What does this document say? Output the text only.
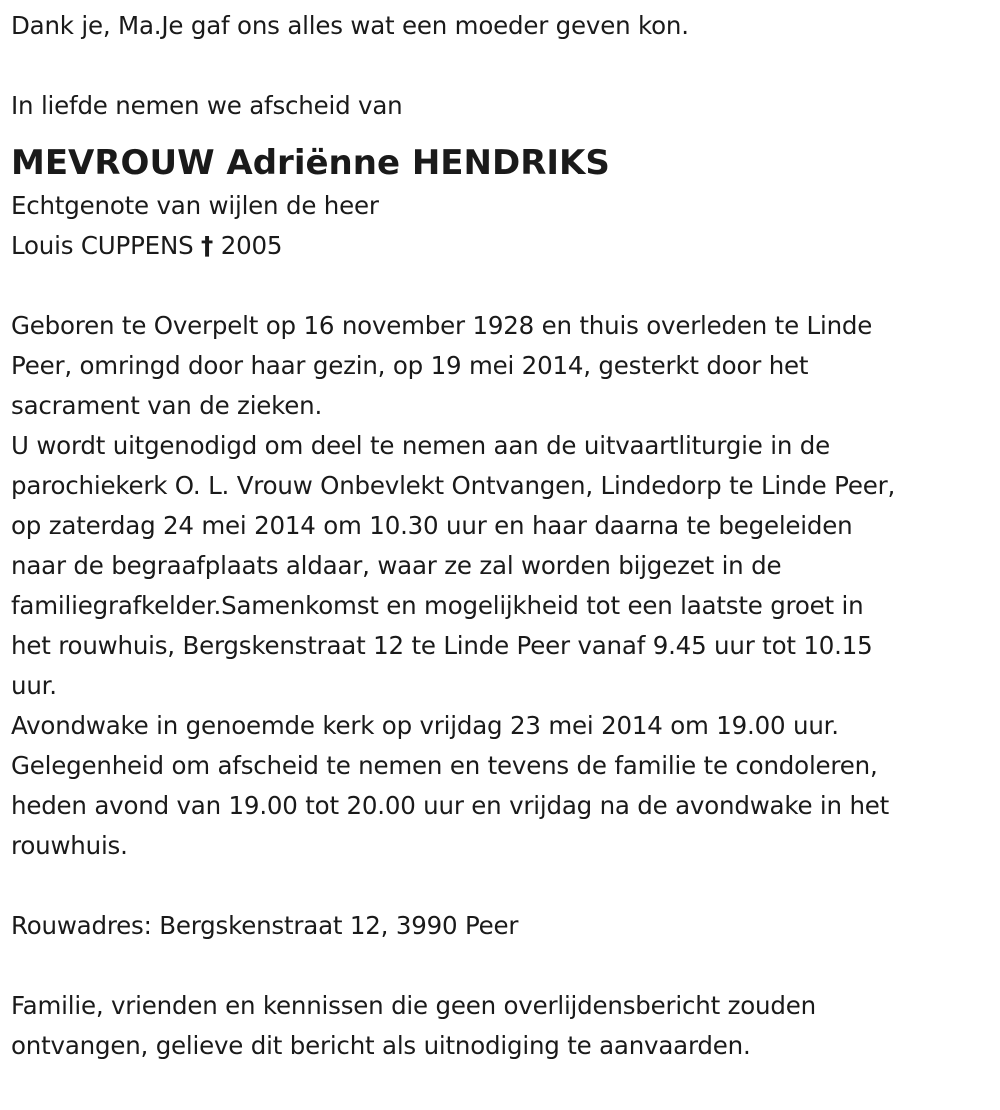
Dank je, Ma.Je gaf ons alles wat een moeder geven kon.
In liefde nemen we afscheid van
MEVROUW Adriënne HENDRIKS
Echtgenote van wijlen de heer
Louis CUPPENS † 2005
Geboren te Overpelt op 16 november 1928 en thuis overleden te Linde
Peer, omringd door haar gezin, op 19 mei 2014, gesterkt door het
sacrament van de zieken.
U wordt uitgenodigd om deel te nemen aan de uitvaartliturgie in de
parochiekerk O. L. Vrouw Onbevlekt Ontvangen, Lindedorp te Linde Peer,
op zaterdag 24 mei 2014 om 10.30 uur en haar daarna te begeleiden
naar de begraafplaats aldaar, waar ze zal worden bijgezet in de
familiegrafkelder.Samenkomst en mogelijkheid tot een laatste groet in
het rouwhuis, Bergskenstraat 12 te Linde Peer vanaf 9.45 uur tot 10.15
uur.
Avondwake in genoemde kerk op vrijdag 23 mei 2014 om 19.00 uur.
Gelegenheid om afscheid te nemen en tevens de familie te condoleren,
heden avond van 19.00 tot 20.00 uur en vrijdag na de avondwake in het
rouwhuis.
Rouwadres: Bergskenstraat 12, 3990 Peer
Familie, vrienden en kennissen die geen overlijdensbericht zouden
ontvangen, gelieve dit bericht als uitnodiging te aanvaarden.
